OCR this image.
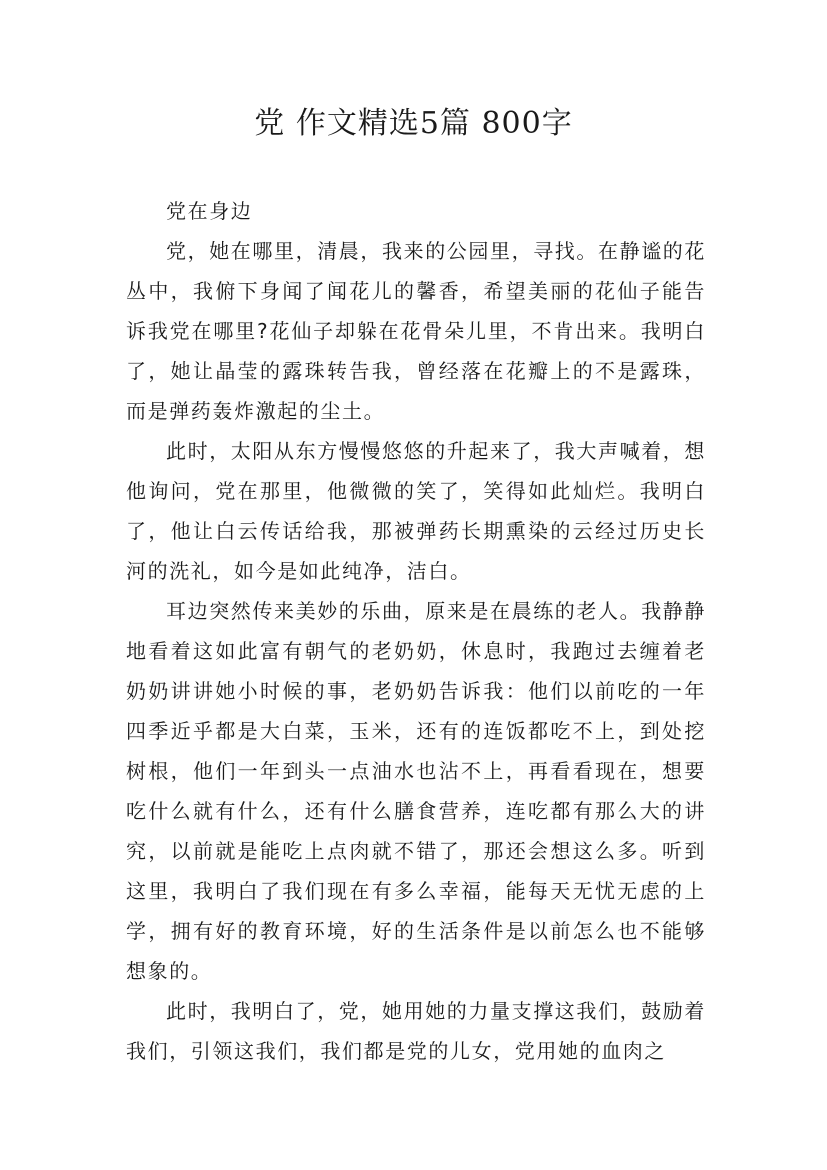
党 作文精选5篇 800字

党在身边

党，她在哪里，清晨，我来的公园里，寻找。在静谧的花丛中，我俯下身闻了闻花儿的馨香，希望美丽的花仙子能告诉我党在哪里?花仙子却躲在花骨朵儿里，不肯出来。我明白了，她让晶莹的露珠转告我，曾经落在花瓣上的不是露珠，而是弹药轰炸激起的尘土。

此时，太阳从东方慢慢悠悠的升起来了，我大声喊着，想他询问，党在那里，他微微的笑了，笑得如此灿烂。我明白了，他让白云传话给我，那被弹药长期熏染的云经过历史长河的洗礼，如今是如此纯净，洁白。

耳边突然传来美妙的乐曲，原来是在晨练的老人。我静静地看着这如此富有朝气的老奶奶，休息时，我跑过去缠着老奶奶讲讲她小时候的事，老奶奶告诉我：他们以前吃的一年四季近乎都是大白菜，玉米，还有的连饭都吃不上，到处挖树根，他们一年到头一点油水也沾不上，再看看现在，想要吃什么就有什么，还有什么膳食营养，连吃都有那么大的讲究，以前就是能吃上点肉就不错了，那还会想这么多。听到这里，我明白了我们现在有多么幸福，能每天无忧无虑的上学，拥有好的教育环境，好的生活条件是以前怎么也不能够想象的。

此时，我明白了，党，她用她的力量支撑这我们，鼓励着我们，引领这我们，我们都是党的儿女，党用她的血肉之
